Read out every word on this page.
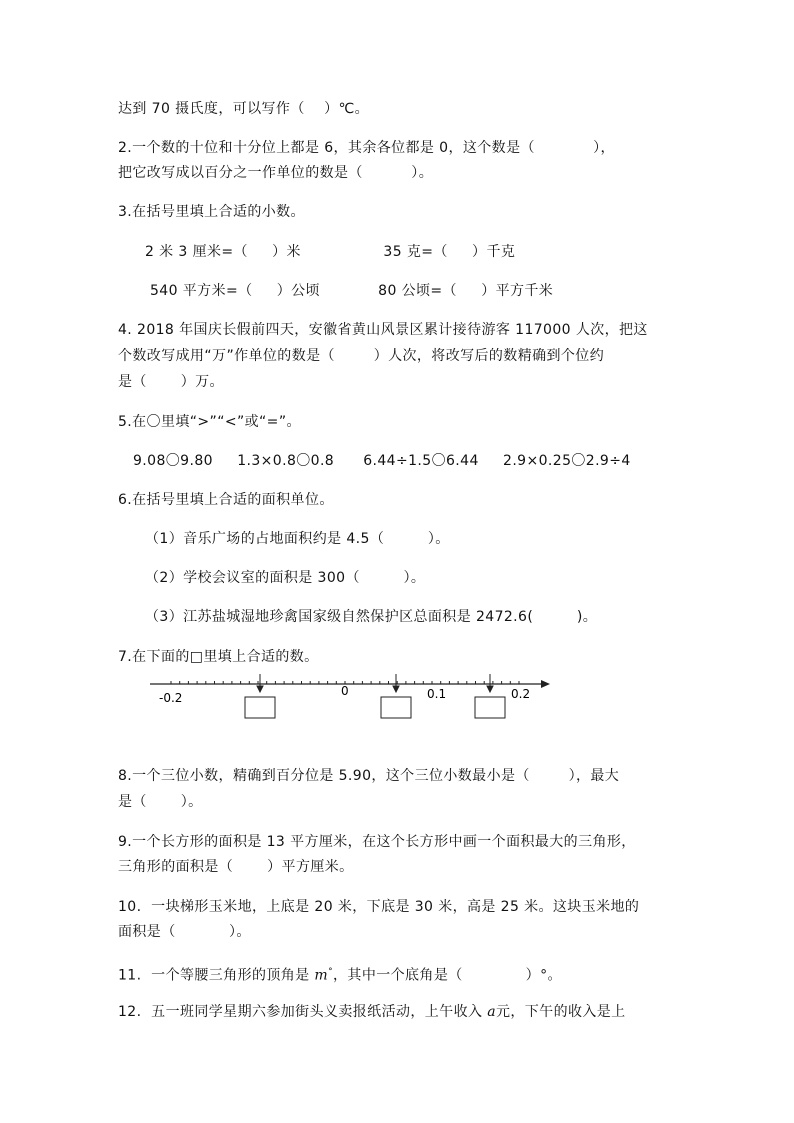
达到 70 摄氏度，可以写作（    ）℃。
2.一个数的十位和十分位上都是 6，其余各位都是 0，这个数是（            ），
把它改写成以百分之一作单位的数是（          ）。
3.在括号里填上合适的小数。
2 米 3 厘米=（     ）米                 35 克=（     ）千克
540 平方米=（     ）公顷            80 公顷=（     ）平方千米
4. 2018 年国庆长假前四天，安徽省黄山风景区累计接待游客 117000 人次，把这
个数改写成用“万”作单位的数是（        ）人次，将改写后的数精确到个位约
是（       ）万。
5.在〇里填“>”“<”或“=”。
9.08〇9.80     1.3×0.8〇0.8      6.44÷1.5〇6.44     2.9×0.25〇2.9÷4
6.在括号里填上合适的面积单位。
（1）音乐广场的占地面积约是 4.5（         ）。
（2）学校会议室的面积是 300（         ）。
（3）江苏盐城湿地珍禽国家级自然保护区总面积是 2472.6(         )。
7.在下面的□里填上合适的数。
-0.2	0	0.1	0.2
8.一个三位小数，精确到百分位是 5.90，这个三位小数最小是（        ），最大
是（       ）。
9.一个长方形的面积是 13 平方厘米，在这个长方形中画一个面积最大的三角形，
三角形的面积是（       ）平方厘米。
10.  一块梯形玉米地，上底是 20 米，下底是 30 米，高是 25 米。这块玉米地的
面积是（           ）。
11.  一个等腰三角形的顶角是 m°，其中一个底角是（             ）°。
12.  五一班同学星期六参加街头义卖报纸活动，上午收入 a元，下午的收入是上
